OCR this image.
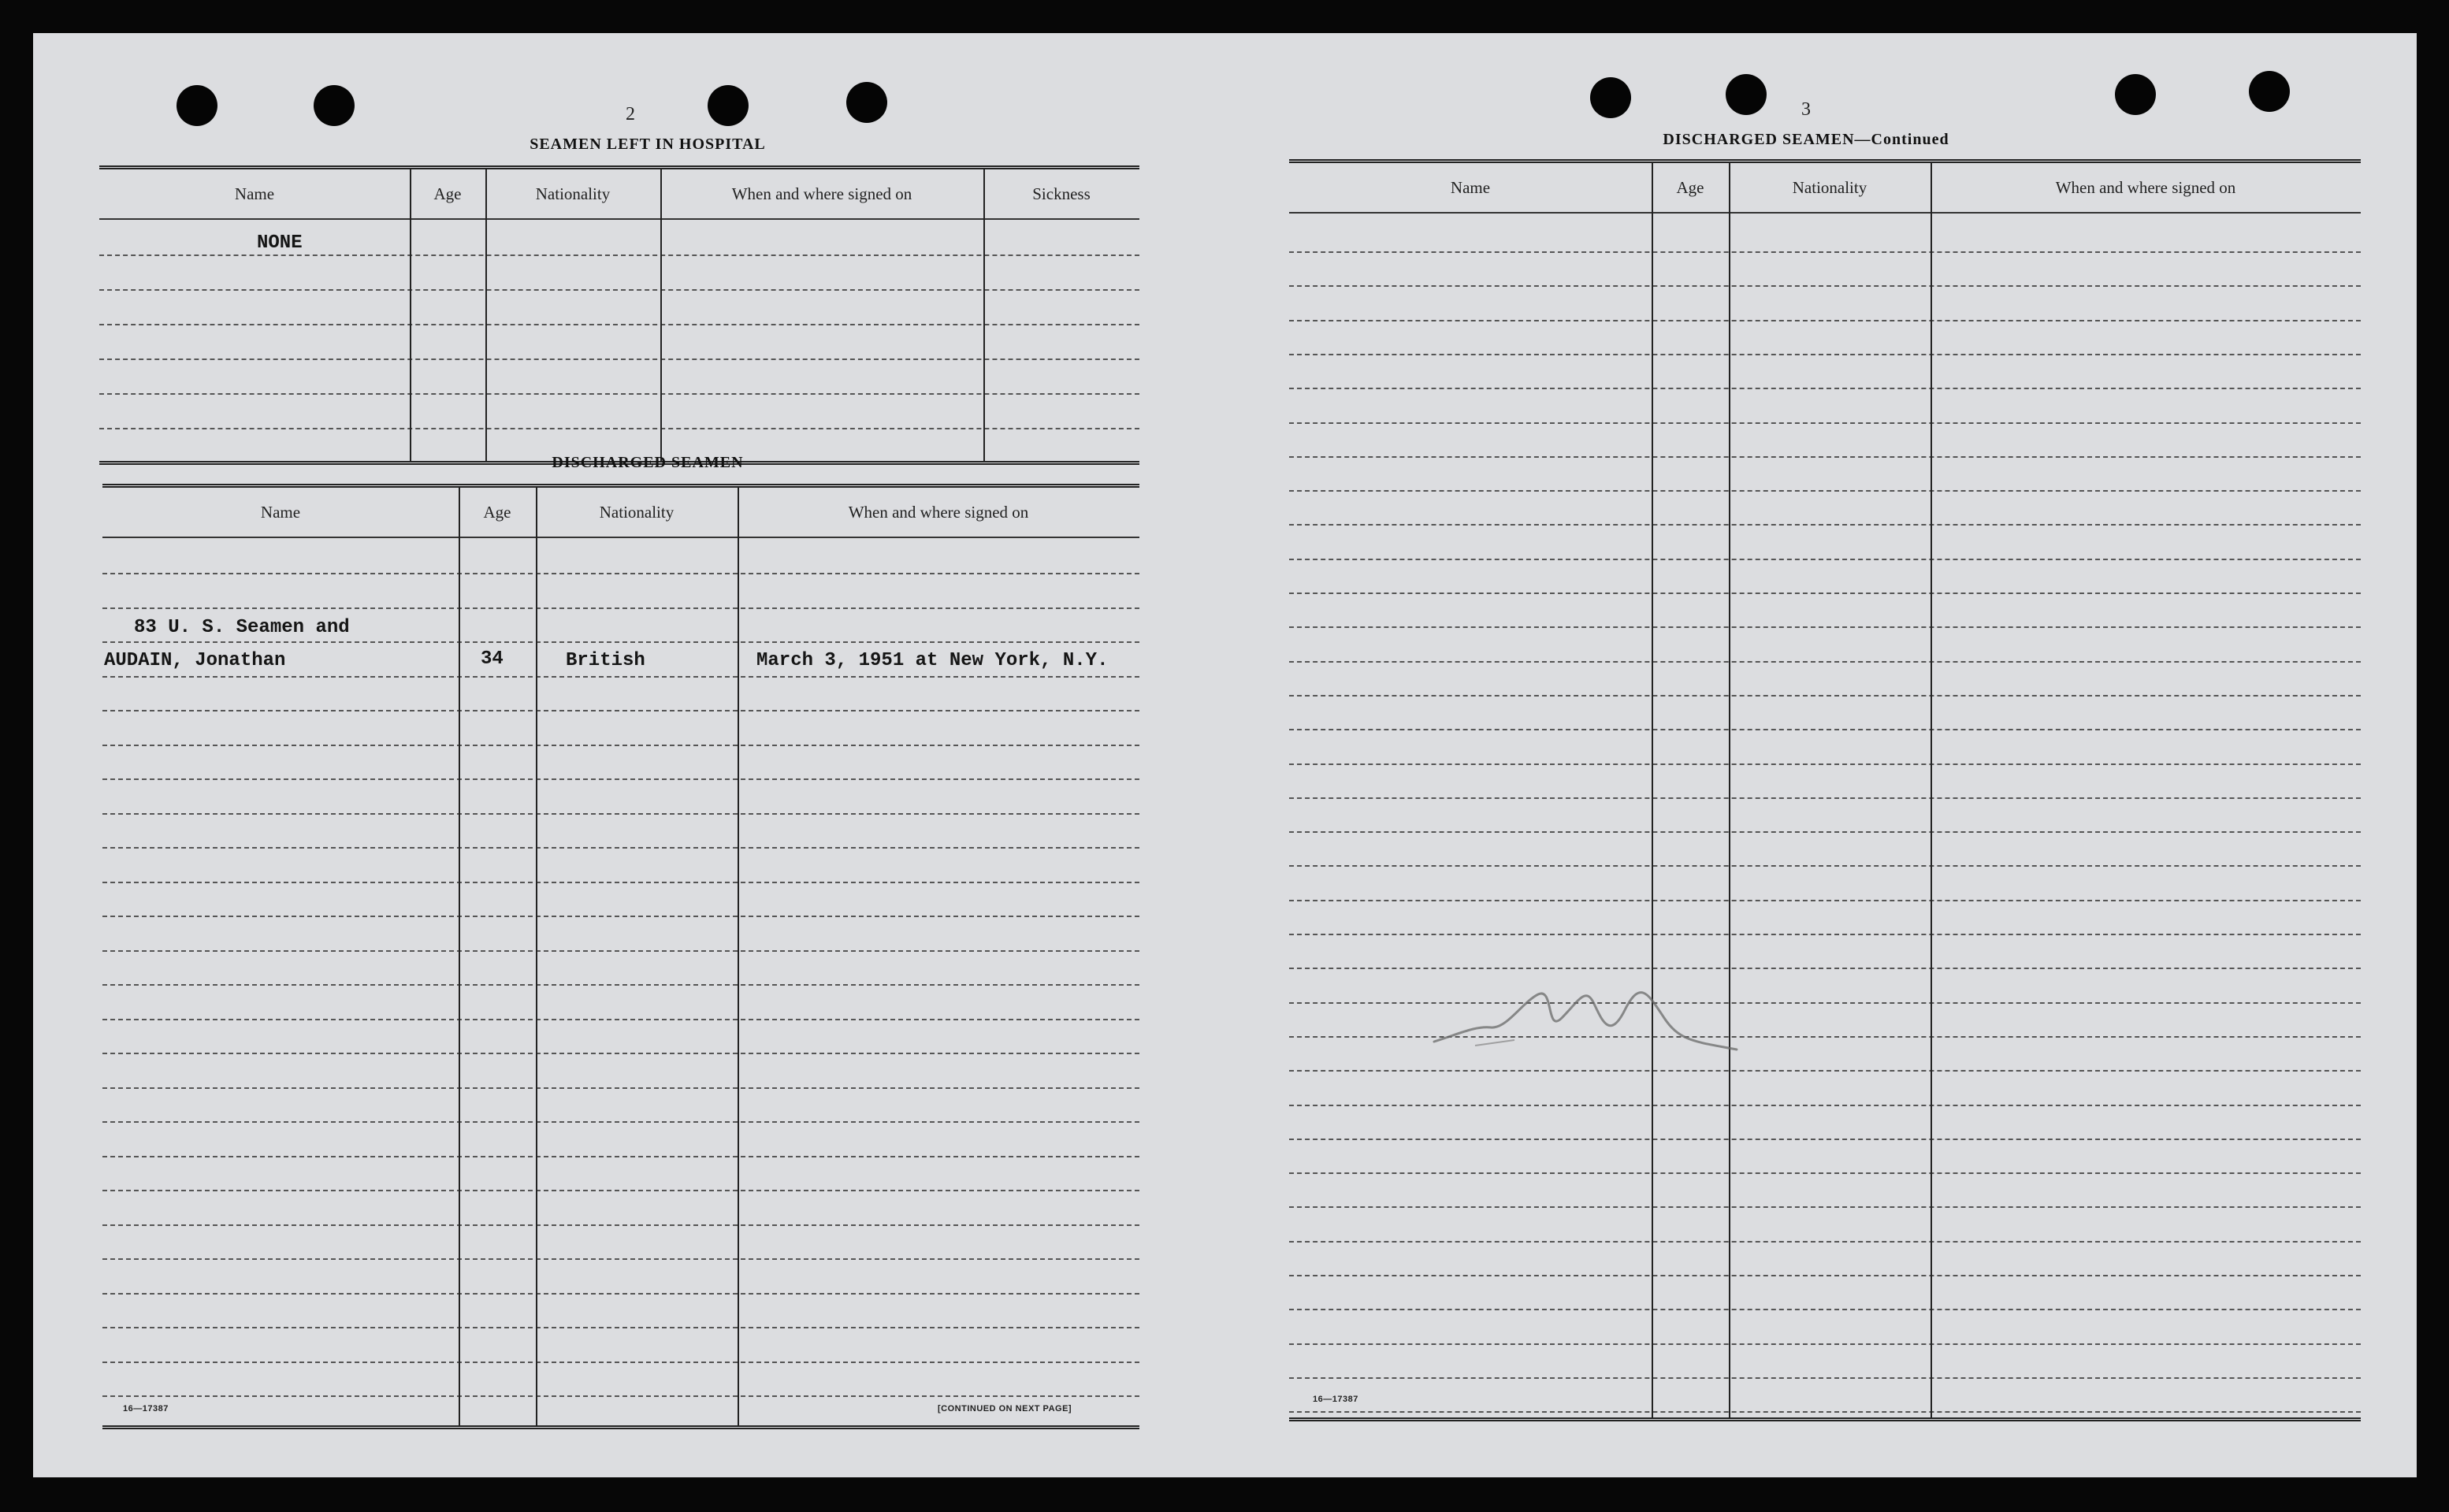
2
SEAMEN LEFT IN HOSPITAL
Name	Age	Nationality	When and where signed on	Sickness
NONE
DISCHARGED SEAMEN
Name	Age	Nationality	When and where signed on
83 U. S. Seamen and
AUDAIN, Jonathan	34	British	March 3, 1951 at New York, N.Y.
16—17387	[CONTINUED ON NEXT PAGE]
3
DISCHARGED SEAMEN—Continued
Name	Age	Nationality	When and where signed on
16—17387
